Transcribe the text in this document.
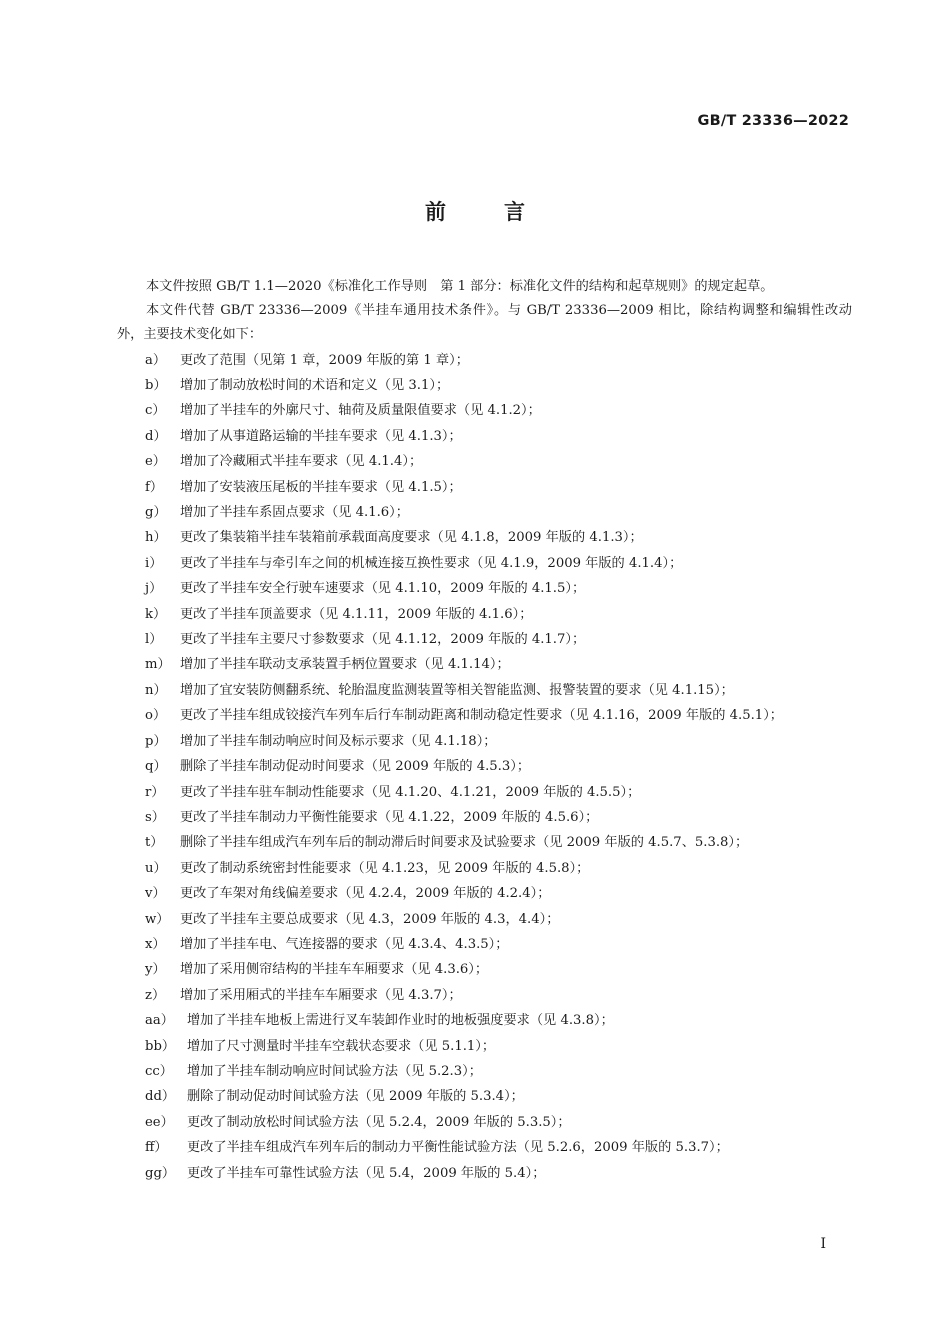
GB/T 23336—2022
前	言

本文件按照 GB/T 1.1—2020《标准化工作导则　第 1 部分：标准化文件的结构和起草规则》的规定起草。

本文件代替 GB/T 23336—2009《半挂车通用技术条件》。与 GB/T 23336—2009 相比，除结构调整和编辑性改动外，主要技术变化如下：

a）	更改了范围（见第 1 章，2009 年版的第 1 章）；
b）	增加了制动放松时间的术语和定义（见 3.1）；
c）	增加了半挂车的外廓尺寸、轴荷及质量限值要求（见 4.1.2）；
d）	增加了从事道路运输的半挂车要求（见 4.1.3）；
e）	增加了冷藏厢式半挂车要求（见 4.1.4）；
f）	增加了安装液压尾板的半挂车要求（见 4.1.5）；
g）	增加了半挂车系固点要求（见 4.1.6）；
h）	更改了集装箱半挂车装箱前承载面高度要求（见 4.1.8，2009 年版的 4.1.3）；
i）	更改了半挂车与牵引车之间的机械连接互换性要求（见 4.1.9，2009 年版的 4.1.4）；
j）	更改了半挂车安全行驶车速要求（见 4.1.10，2009 年版的 4.1.5）；
k）	更改了半挂车顶盖要求（见 4.1.11，2009 年版的 4.1.6）；
l）	更改了半挂车主要尺寸参数要求（见 4.1.12，2009 年版的 4.1.7）；
m） 增加了半挂车联动支承装置手柄位置要求（见 4.1.14）；
n）	增加了宜安装防侧翻系统、轮胎温度监测装置等相关智能监测、报警装置的要求（见 4.1.15）；
o）	更改了半挂车组成铰接汽车列车后行车制动距离和制动稳定性要求（见 4.1.16，2009 年版的 4.5.1）；
p）	增加了半挂车制动响应时间及标示要求（见 4.1.18）；
q）	删除了半挂车制动促动时间要求（见 2009 年版的 4.5.3）；
r）	更改了半挂车驻车制动性能要求（见 4.1.20、4.1.21，2009 年版的 4.5.5）；
s）	更改了半挂车制动力平衡性能要求（见 4.1.22，2009 年版的 4.5.6）；
t）	删除了半挂车组成汽车列车后的制动滞后时间要求及试验要求（见 2009 年版的 4.5.7、5.3.8）；
u）	更改了制动系统密封性能要求（见 4.1.23，见 2009 年版的 4.5.8）；
v）	更改了车架对角线偏差要求（见 4.2.4，2009 年版的 4.2.4）；
w） 更改了半挂车主要总成要求（见 4.3，2009 年版的 4.3，4.4）；
x）	增加了半挂车电、气连接器的要求（见 4.3.4、4.3.5）；
y）	增加了采用侧帘结构的半挂车车厢要求（见 4.3.6）；
z）	增加了采用厢式的半挂车车厢要求（见 4.3.7）；
aa） 增加了半挂车地板上需进行叉车装卸作业时的地板强度要求（见 4.3.8）；
bb） 增加了尺寸测量时半挂车空载状态要求（见 5.1.1）；
cc）	增加了半挂车制动响应时间试验方法（见 5.2.3）；
dd） 删除了制动促动时间试验方法（见 2009 年版的 5.3.4）；
ee）	更改了制动放松时间试验方法（见 5.2.4，2009 年版的 5.3.5）；
ff）	更改了半挂车组成汽车列车后的制动力平衡性能试验方法（见 5.2.6，2009 年版的 5.3.7）；
gg） 更改了半挂车可靠性试验方法（见 5.4，2009 年版的 5.4）；
Ⅰ
